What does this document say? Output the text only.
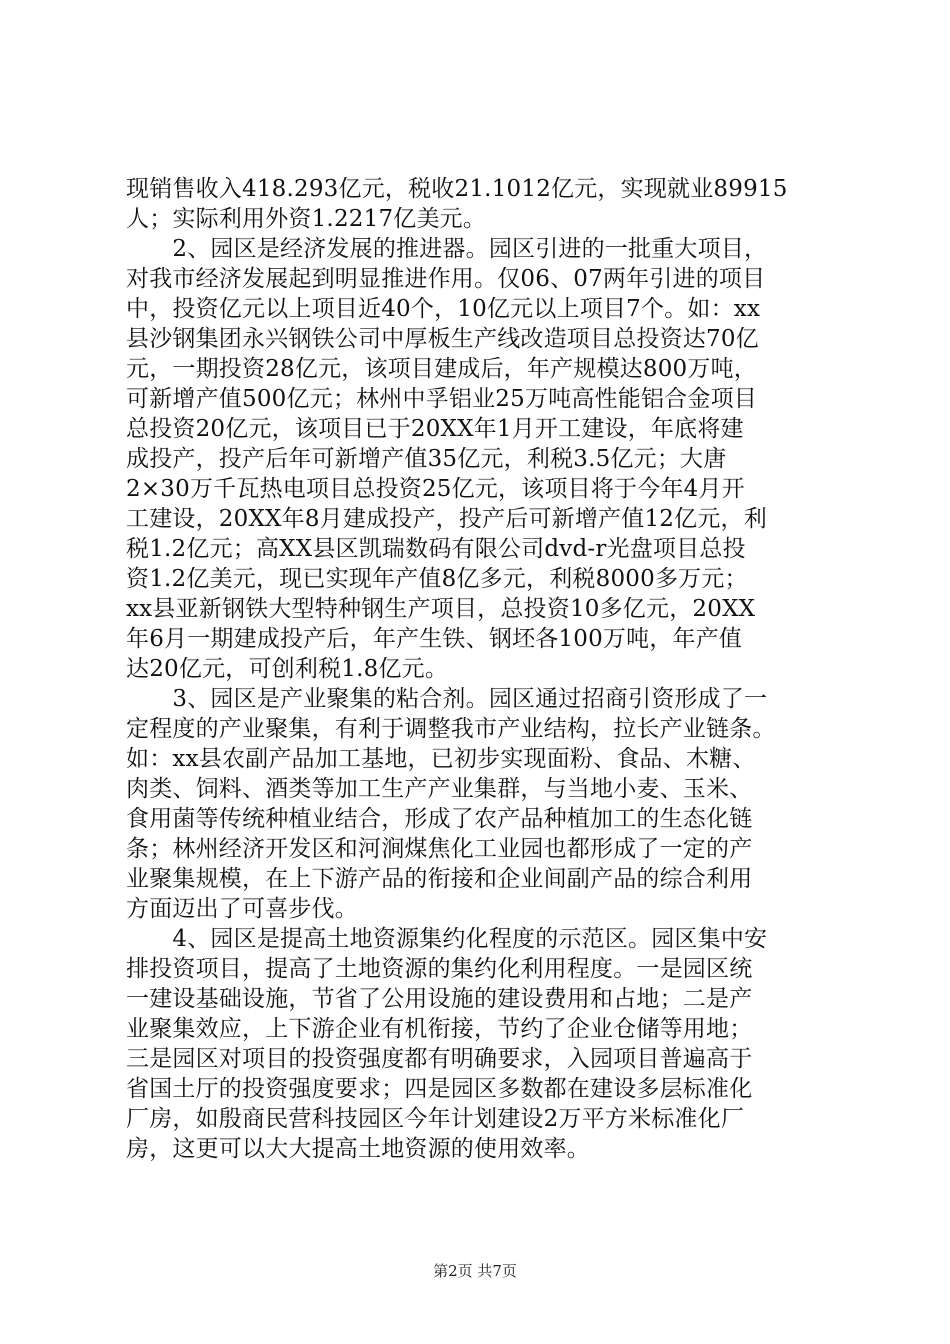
现销售收入418.293亿元，税收21.1012亿元，实现就业89915
人；实际利用外资1.2217亿美元。
　　2、园区是经济发展的推进器。园区引进的一批重大项目，
对我市经济发展起到明显推进作用。仅06、07两年引进的项目
中，投资亿元以上项目近40个，10亿元以上项目7个。如：xx
县沙钢集团永兴钢铁公司中厚板生产线改造项目总投资达70亿
元，一期投资28亿元，该项目建成后，年产规模达800万吨，
可新增产值500亿元；林州中孚铝业25万吨高性能铝合金项目
总投资20亿元，该项目已于20XX年1月开工建设，年底将建
成投产，投产后年可新增产值35亿元，利税3.5亿元；大唐
2×30万千瓦热电项目总投资25亿元，该项目将于今年4月开
工建设，20XX年8月建成投产，投产后可新增产值12亿元，利
税1.2亿元；高XX县区凯瑞数码有限公司dvd-r光盘项目总投
资1.2亿美元，现已实现年产值8亿多元，利税8000多万元；
xx县亚新钢铁大型特种钢生产项目，总投资10多亿元，20XX
年6月一期建成投产后，年产生铁、钢坯各100万吨，年产值
达20亿元，可创利税1.8亿元。
　　3、园区是产业聚集的粘合剂。园区通过招商引资形成了一
定程度的产业聚集，有利于调整我市产业结构，拉长产业链条。
如：xx县农副产品加工基地，已初步实现面粉、食品、木糖、
肉类、饲料、酒类等加工生产产业集群，与当地小麦、玉米、
食用菌等传统种植业结合，形成了农产品种植加工的生态化链
条；林州经济开发区和河涧煤焦化工业园也都形成了一定的产
业聚集规模，在上下游产品的衔接和企业间副产品的综合利用
方面迈出了可喜步伐。
　　4、园区是提高土地资源集约化程度的示范区。园区集中安
排投资项目，提高了土地资源的集约化利用程度。一是园区统
一建设基础设施，节省了公用设施的建设费用和占地；二是产
业聚集效应，上下游企业有机衔接，节约了企业仓储等用地；
三是园区对项目的投资强度都有明确要求，入园项目普遍高于
省国土厅的投资强度要求；四是园区多数都在建设多层标准化
厂房，如殷商民营科技园区今年计划建设2万平方米标准化厂
房，这更可以大大提高土地资源的使用效率。
第2页 共7页
